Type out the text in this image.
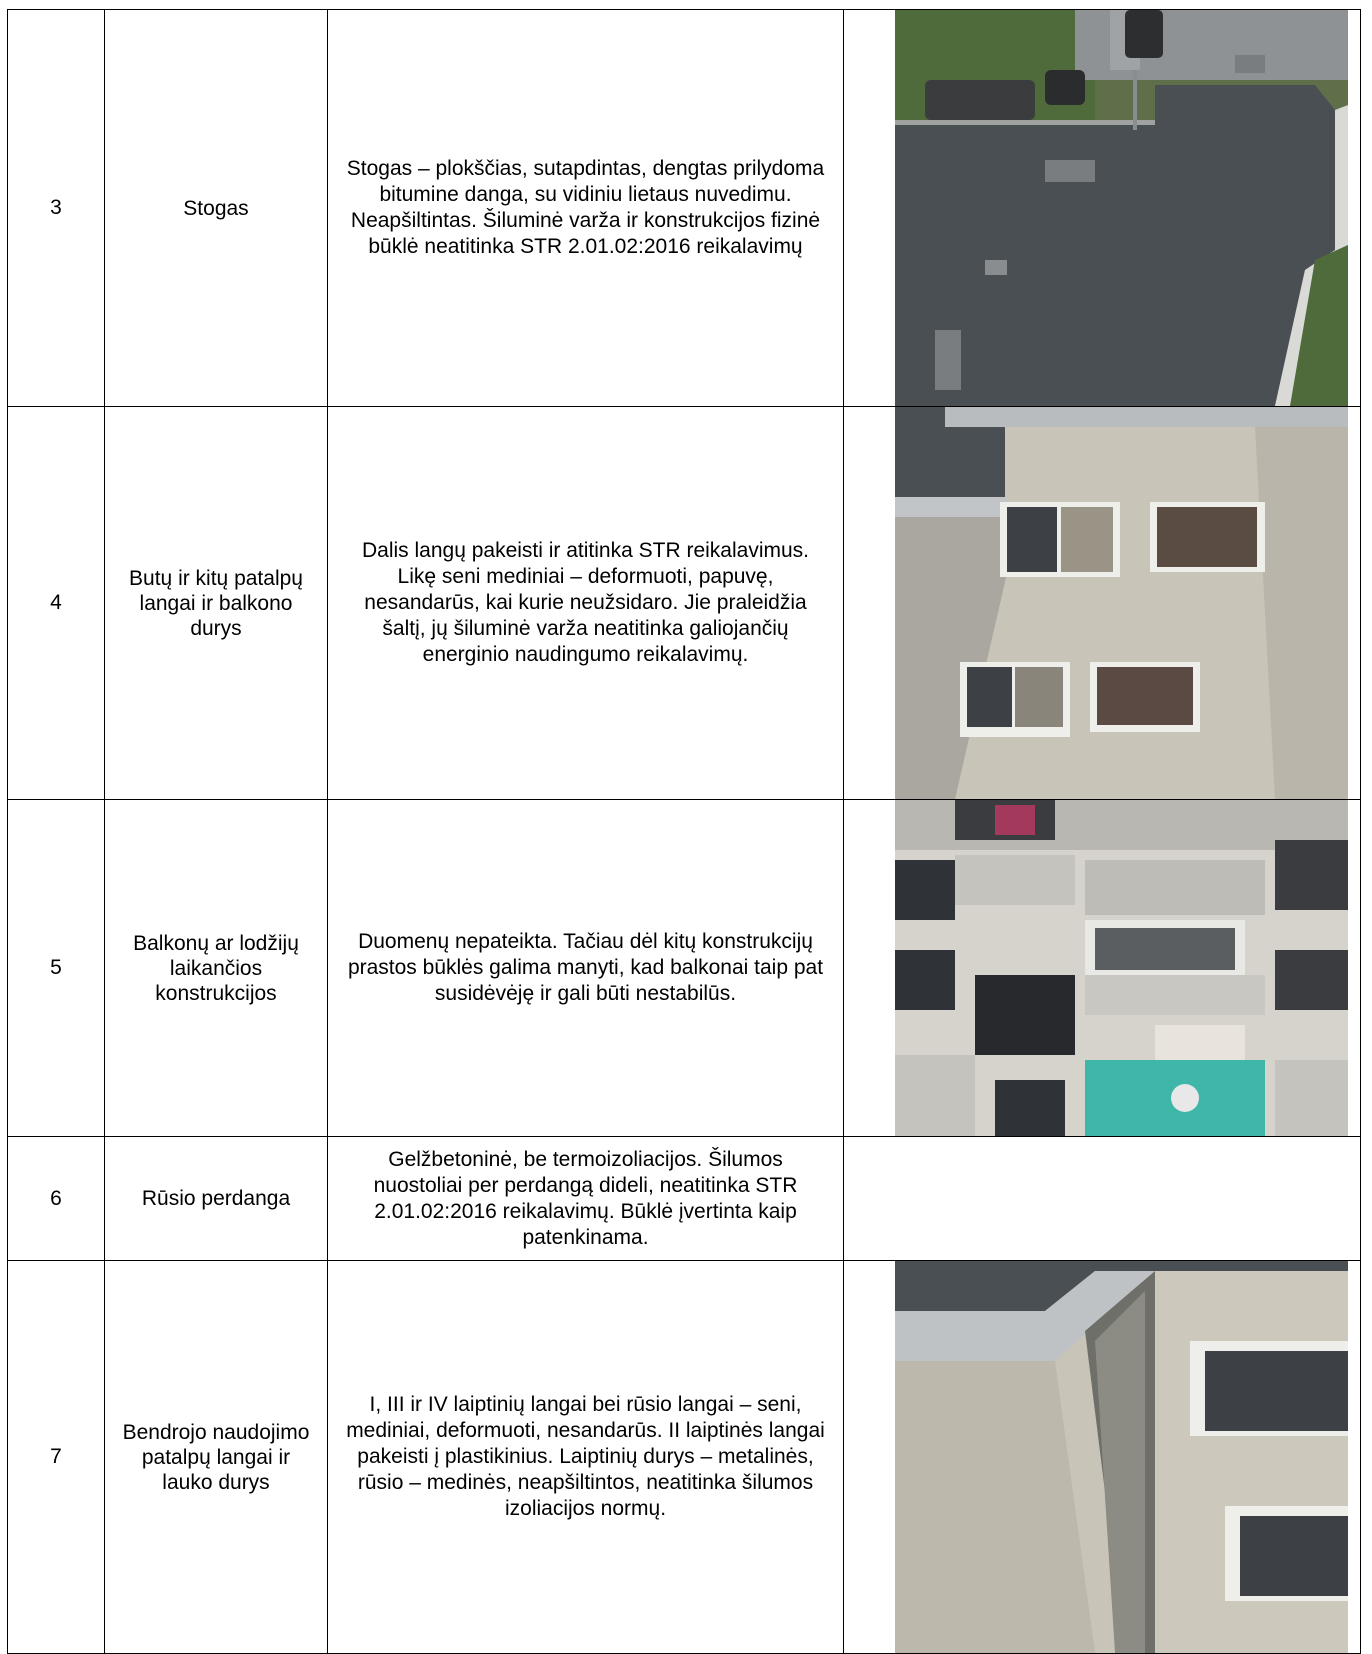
3	Stogas	Stogas – plokščias, sutapdintas, dengtas prilydoma bitumine danga, su vidiniu lietaus nuvedimu. Neapšiltintas. Šiluminė varža ir konstrukcijos fizinė būklė neatitinka STR 2.01.02:2016 reikalavimų

4	Butų ir kitų patalpų langai ir balkono durys	Dalis langų pakeisti ir atitinka STR reikalavimus. Likę seni mediniai – deformuoti, papuvę, nesandarūs, kai kurie neužsidaro. Jie praleidžia šaltį, jų šiluminė varža neatitinka galiojančių energinio naudingumo reikalavimų.

5	Balkonų ar lodžijų laikančios konstrukcijos	Duomenų nepateikta. Tačiau dėl kitų konstrukcijų prastos būklės galima manyti, kad balkonai taip pat susidėvėję ir gali būti nestabilūs.

6	Rūsio perdanga	Gelžbetoninė, be termoizoliacijos. Šilumos nuostoliai per perdangą dideli, neatitinka STR 2.01.02:2016 reikalavimų. Būklė įvertinta kaip patenkinama.	

7	Bendrojo naudojimo patalpų langai ir lauko durys	I, III ir IV laiptinių langai bei rūsio langai – seni, mediniai, deformuoti, nesandarūs. II laiptinės langai pakeisti į plastikinius. Laiptinių durys – metalinės, rūsio – medinės, neapšiltintos, neatitinka šilumos izoliacijos normų.
